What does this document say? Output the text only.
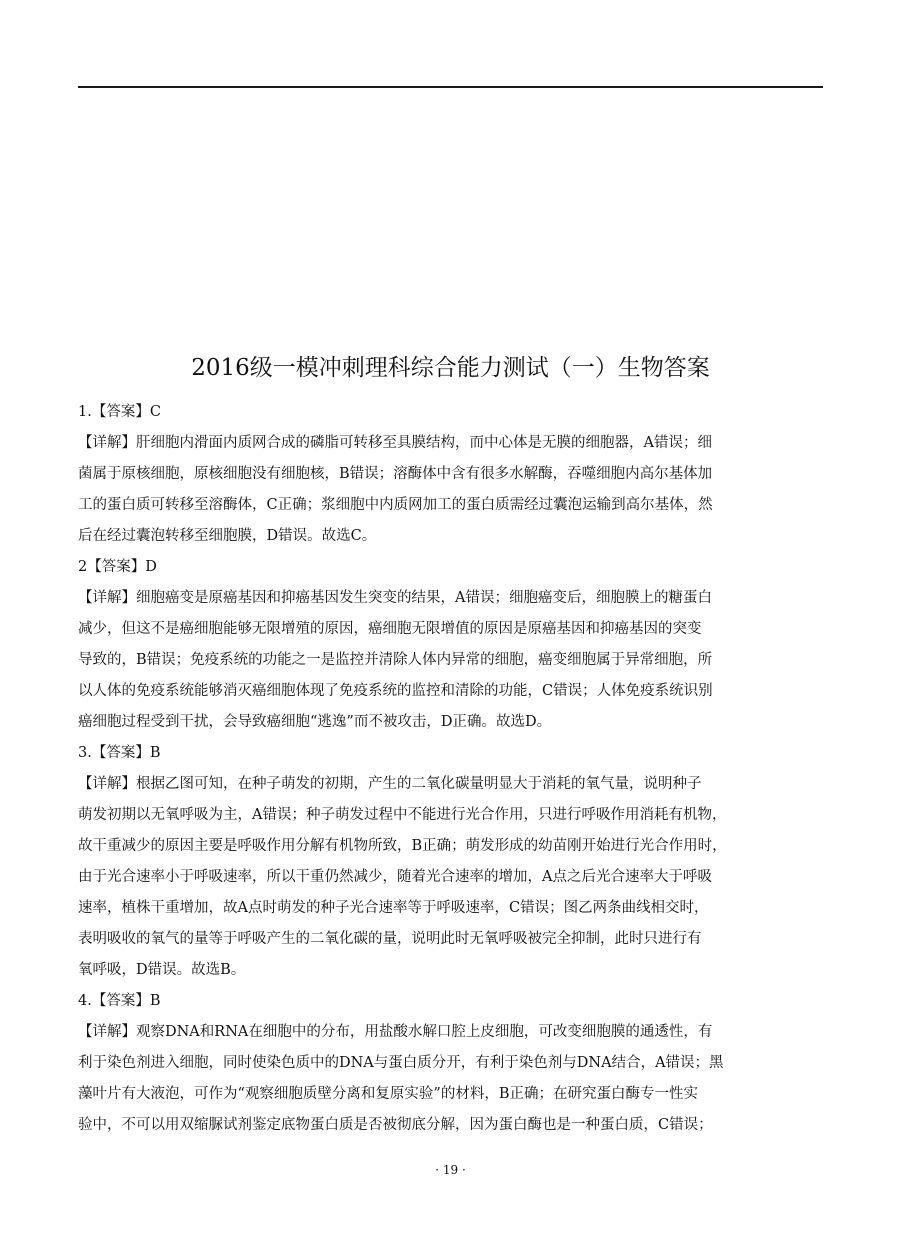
2016级一模冲刺理科综合能力测试（一）生物答案
1.【答案】C
【详解】肝细胞内滑面内质网合成的磷脂可转移至具膜结构，而中心体是无膜的细胞器，A错误；细
菌属于原核细胞，原核细胞没有细胞核，B错误；溶酶体中含有很多水解酶，吞噬细胞内高尔基体加
工的蛋白质可转移至溶酶体，C正确；浆细胞中内质网加工的蛋白质需经过囊泡运输到高尔基体，然
后在经过囊泡转移至细胞膜，D错误。故选C。
2【答案】D
【详解】细胞癌变是原癌基因和抑癌基因发生突变的结果，A错误；细胞癌变后，细胞膜上的糖蛋白
减少，但这不是癌细胞能够无限增殖的原因，癌细胞无限增值的原因是原癌基因和抑癌基因的突变
导致的，B错误；免疫系统的功能之一是监控并清除人体内异常的细胞，癌变细胞属于异常细胞，所
以人体的免疫系统能够消灭癌细胞体现了免疫系统的监控和清除的功能，C错误；人体免疫系统识别
癌细胞过程受到干扰，会导致癌细胞“逃逸”而不被攻击，D正确。故选D。
3.【答案】B
【详解】根据乙图可知，在种子萌发的初期，产生的二氧化碳量明显大于消耗的氧气量，说明种子
萌发初期以无氧呼吸为主，A错误；种子萌发过程中不能进行光合作用，只进行呼吸作用消耗有机物，
故干重减少的原因主要是呼吸作用分解有机物所致，B正确；萌发形成的幼苗刚开始进行光合作用时，
由于光合速率小于呼吸速率，所以干重仍然减少，随着光合速率的增加，A点之后光合速率大于呼吸
速率，植株干重增加，故A点时萌发的种子光合速率等于呼吸速率，C错误；图乙两条曲线相交时，
表明吸收的氧气的量等于呼吸产生的二氧化碳的量，说明此时无氧呼吸被完全抑制，此时只进行有
氧呼吸，D错误。故选B。
4.【答案】B
【详解】观察DNA和RNA在细胞中的分布，用盐酸水解口腔上皮细胞，可改变细胞膜的通透性，有
利于染色剂进入细胞，同时使染色质中的DNA与蛋白质分开，有利于染色剂与DNA结合，A错误；黑
藻叶片有大液泡，可作为“观察细胞质壁分离和复原实验”的材料，B正确；在研究蛋白酶专一性实
验中，不可以用双缩脲试剂鉴定底物蛋白质是否被彻底分解，因为蛋白酶也是一种蛋白质，C错误；
· 19 ·
